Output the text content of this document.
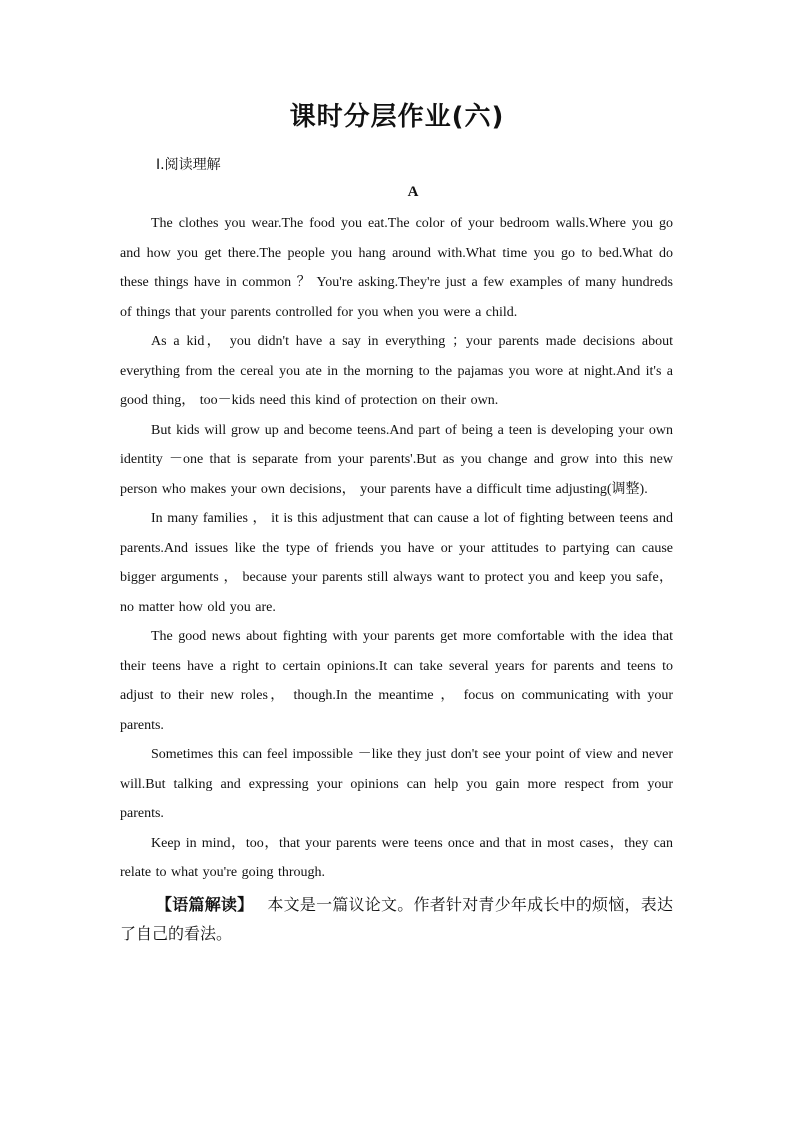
课时分层作业(六)
Ⅰ.阅读理解
A

The clothes you wear.The food you eat.The color of your bedroom walls.Where you go and how you get there.The people you hang around with.What time you go to bed.What do these things have in common ？ You're asking.They're just a few examples of many hundreds of things that your parents controlled for you when you were a child.

As a kid， you didn't have a say in everything ；your parents made decisions about everything from the cereal you ate in the morning to the pajamas you wore at night.And it's a good thing， too－kids need this kind of protection on their own.

But kids will grow up and become teens.And part of being a teen is developing your own identity －one that is separate from your parents'.But as you change and grow into this new person who makes your own decisions， your parents have a difficult time adjusting(调整).

In many families ， it is this adjustment that can cause a lot of fighting between teens and parents.And issues like the type of friends you have or your attitudes to partying can cause bigger arguments ， because your parents still always want to protect you and keep you safe，no matter how old you are.

The good news about fighting with your parents get more comfortable with the idea that their teens have a right to certain opinions.It can take several years for parents and teens to adjust to their new roles， though.In the meantime ， focus on communicating with your parents.

Sometimes this can feel impossible －like they just don't see your point of view and never will.But talking and expressing your opinions can help you gain more respect from your parents.

Keep in mind，too，that your parents were teens once and that in most cases，they can relate to what you're going through.

【语篇解读】 本文是一篇议论文。作者针对青少年成长中的烦恼，表达了自己的看法。
